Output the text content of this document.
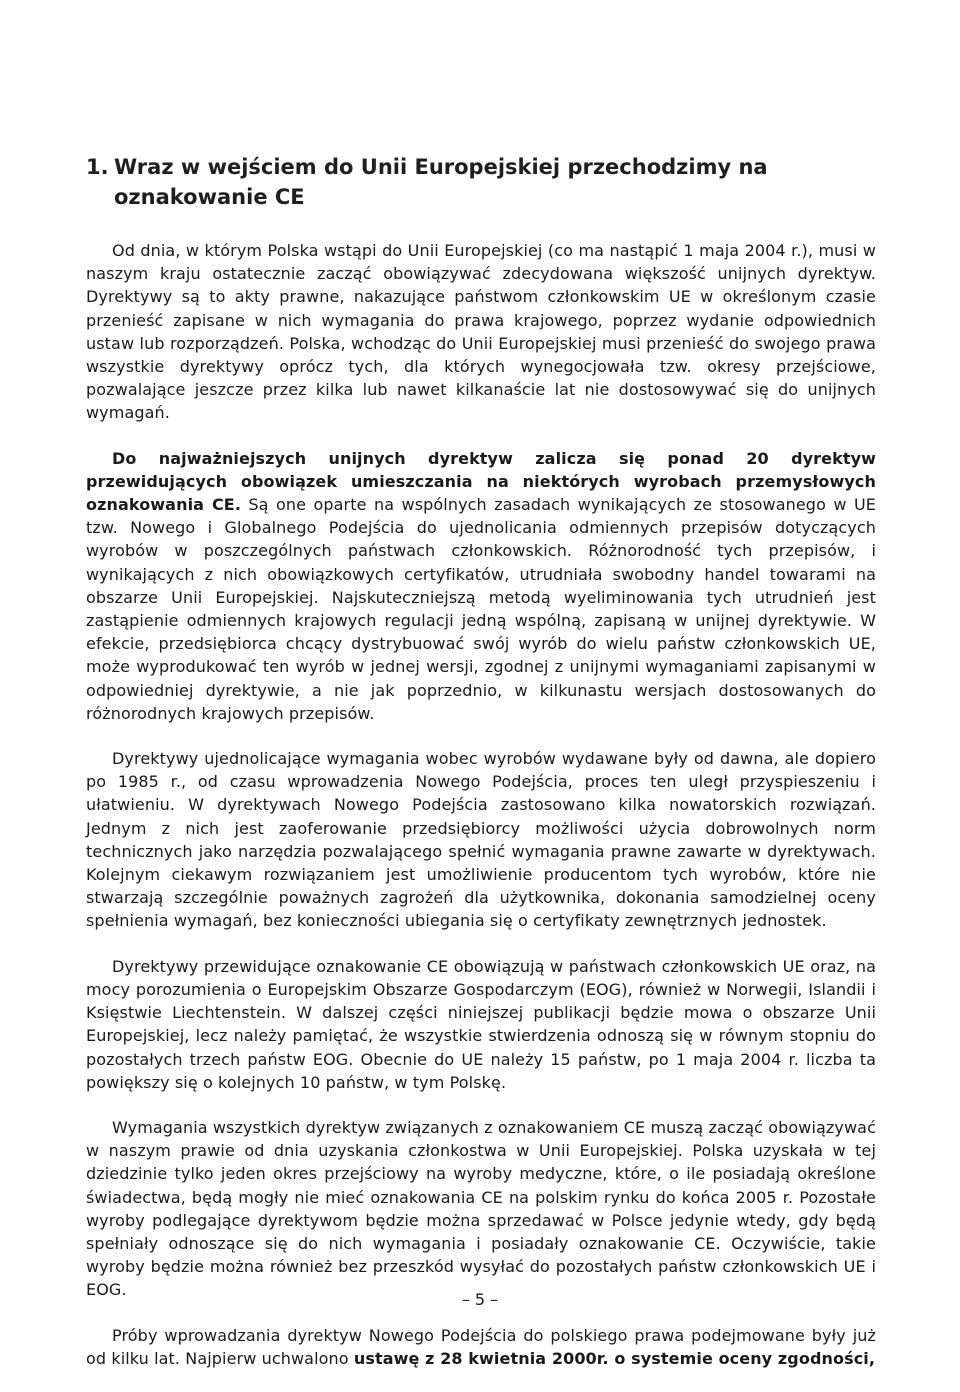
1. Wraz w wejściem do Unii Europejskiej przechodzimy na oznakowanie CE

Od dnia, w którym Polska wstąpi do Unii Europejskiej (co ma nastąpić 1 maja 2004 r.), musi w naszym kraju ostatecznie zacząć obowiązywać zdecydowana większość unijnych dyrektyw. Dyrektywy są to akty prawne, nakazujące państwom członkowskim UE w określonym czasie przenieść zapisane w nich wymagania do prawa krajowego, poprzez wydanie odpowiednich ustaw lub rozporządzeń. Polska, wchodząc do Unii Europejskiej musi przenieść do swojego prawa wszystkie dyrektywy oprócz tych, dla których wynegocjowała tzw. okresy przejściowe, pozwalające jeszcze przez kilka lub nawet kilkanaście lat nie dostosowywać się do unijnych wymagań.

Do najważniejszych unijnych dyrektyw zalicza się ponad 20 dyrektyw przewidujących obowiązek umieszczania na niektórych wyrobach przemysłowych oznakowania CE. Są one oparte na wspólnych zasadach wynikających ze stosowanego w UE tzw. Nowego i Globalnego Podejścia do ujednolicania odmiennych przepisów dotyczących wyrobów w poszczególnych państwach członkowskich. Różnorodność tych przepisów, i wynikających z nich obowiązkowych certyfikatów, utrudniała swobodny handel towarami na obszarze Unii Europejskiej. Najskuteczniejszą metodą wyeliminowania tych utrudnień jest zastąpienie odmiennych krajowych regulacji jedną wspólną, zapisaną w unijnej dyrektywie. W efekcie, przedsiębiorca chcący dystrybuować swój wyrób do wielu państw członkowskich UE, może wyprodukować ten wyrób w jednej wersji, zgodnej z unijnymi wymaganiami zapisanymi w odpowiedniej dyrektywie, a nie jak poprzednio, w kilkunastu wersjach dostosowanych do różnorodnych krajowych przepisów.

Dyrektywy ujednolicające wymagania wobec wyrobów wydawane były od dawna, ale dopiero po 1985 r., od czasu wprowadzenia Nowego Podejścia, proces ten uległ przyspieszeniu i ułatwieniu. W dyrektywach Nowego Podejścia zastosowano kilka nowatorskich rozwiązań. Jednym z nich jest zaoferowanie przedsiębiorcy możliwości użycia dobrowolnych norm technicznych jako narzędzia pozwalającego spełnić wymagania prawne zawarte w dyrektywach. Kolejnym ciekawym rozwiązaniem jest umożliwienie producentom tych wyrobów, które nie stwarzają szczególnie poważnych zagrożeń dla użytkownika, dokonania samodzielnej oceny spełnienia wymagań, bez konieczności ubiegania się o certyfikaty zewnętrznych jednostek.

Dyrektywy przewidujące oznakowanie CE obowiązują w państwach członkowskich UE oraz, na mocy porozumienia o Europejskim Obszarze Gospodarczym (EOG), również w Norwegii, Islandii i Księstwie Liechtenstein. W dalszej części niniejszej publikacji będzie mowa o obszarze Unii Europejskiej, lecz należy pamiętać, że wszystkie stwierdzenia odnoszą się w równym stopniu do pozostałych trzech państw EOG. Obecnie do UE należy 15 państw, po 1 maja 2004 r. liczba ta powiększy się o kolejnych 10 państw, w tym Polskę.

Wymagania wszystkich dyrektyw związanych z oznakowaniem CE muszą zacząć obowiązywać w naszym prawie od dnia uzyskania członkostwa w Unii Europejskiej. Polska uzyskała w tej dziedzinie tylko jeden okres przejściowy na wyroby medyczne, które, o ile posiadają określone świadectwa, będą mogły nie mieć oznakowania CE na polskim rynku do końca 2005 r. Pozostałe wyroby podlegające dyrektywom będzie można sprzedawać w Polsce jedynie wtedy, gdy będą spełniały odnoszące się do nich wymagania i posiadały oznakowanie CE. Oczywiście, takie wyroby będzie można również bez przeszkód wysyłać do pozostałych państw członkowskich UE i EOG.

Próby wprowadzania dyrektyw Nowego Podejścia do polskiego prawa podejmowane były już od kilku lat. Najpierw uchwalono ustawę z 28 kwietnia 2000r. o systemie oceny zgodności,

– 5 –
